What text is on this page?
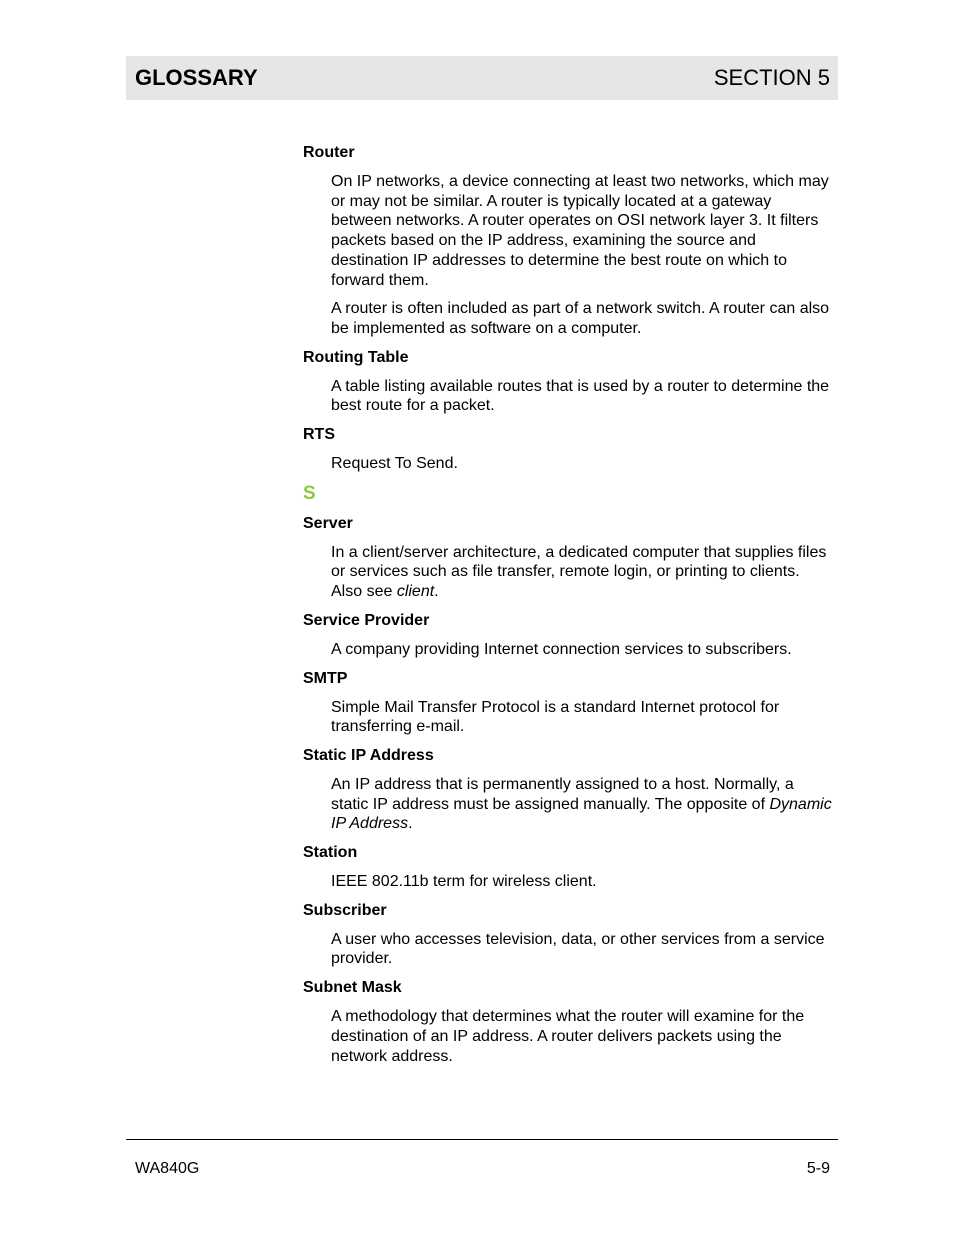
GLOSSARY	SECTION 5
Router
On IP networks, a device connecting at least two networks, which may or may not be similar. A router is typically located at a gateway between networks. A router operates on OSI network layer 3. It filters packets based on the IP address, examining the source and destination IP addresses to determine the best route on which to forward them.
A router is often included as part of a network switch. A router can also be implemented as software on a computer.
Routing Table
A table listing available routes that is used by a router to determine the best route for a packet.
RTS
Request To Send.
S
Server
In a client/server architecture, a dedicated computer that supplies files or services such as file transfer, remote login, or printing to clients. Also see client.
Service Provider
A company providing Internet connection services to subscribers.
SMTP
Simple Mail Transfer Protocol is a standard Internet protocol for transferring e-mail.
Static IP Address
An IP address that is permanently assigned to a host. Normally, a static IP address must be assigned manually. The opposite of Dynamic IP Address.
Station
IEEE 802.11b term for wireless client.
Subscriber
A user who accesses television, data, or other services from a service provider.
Subnet Mask
A methodology that determines what the router will examine for the destination of an IP address. A router delivers packets using the network address.
WA840G	5-9
